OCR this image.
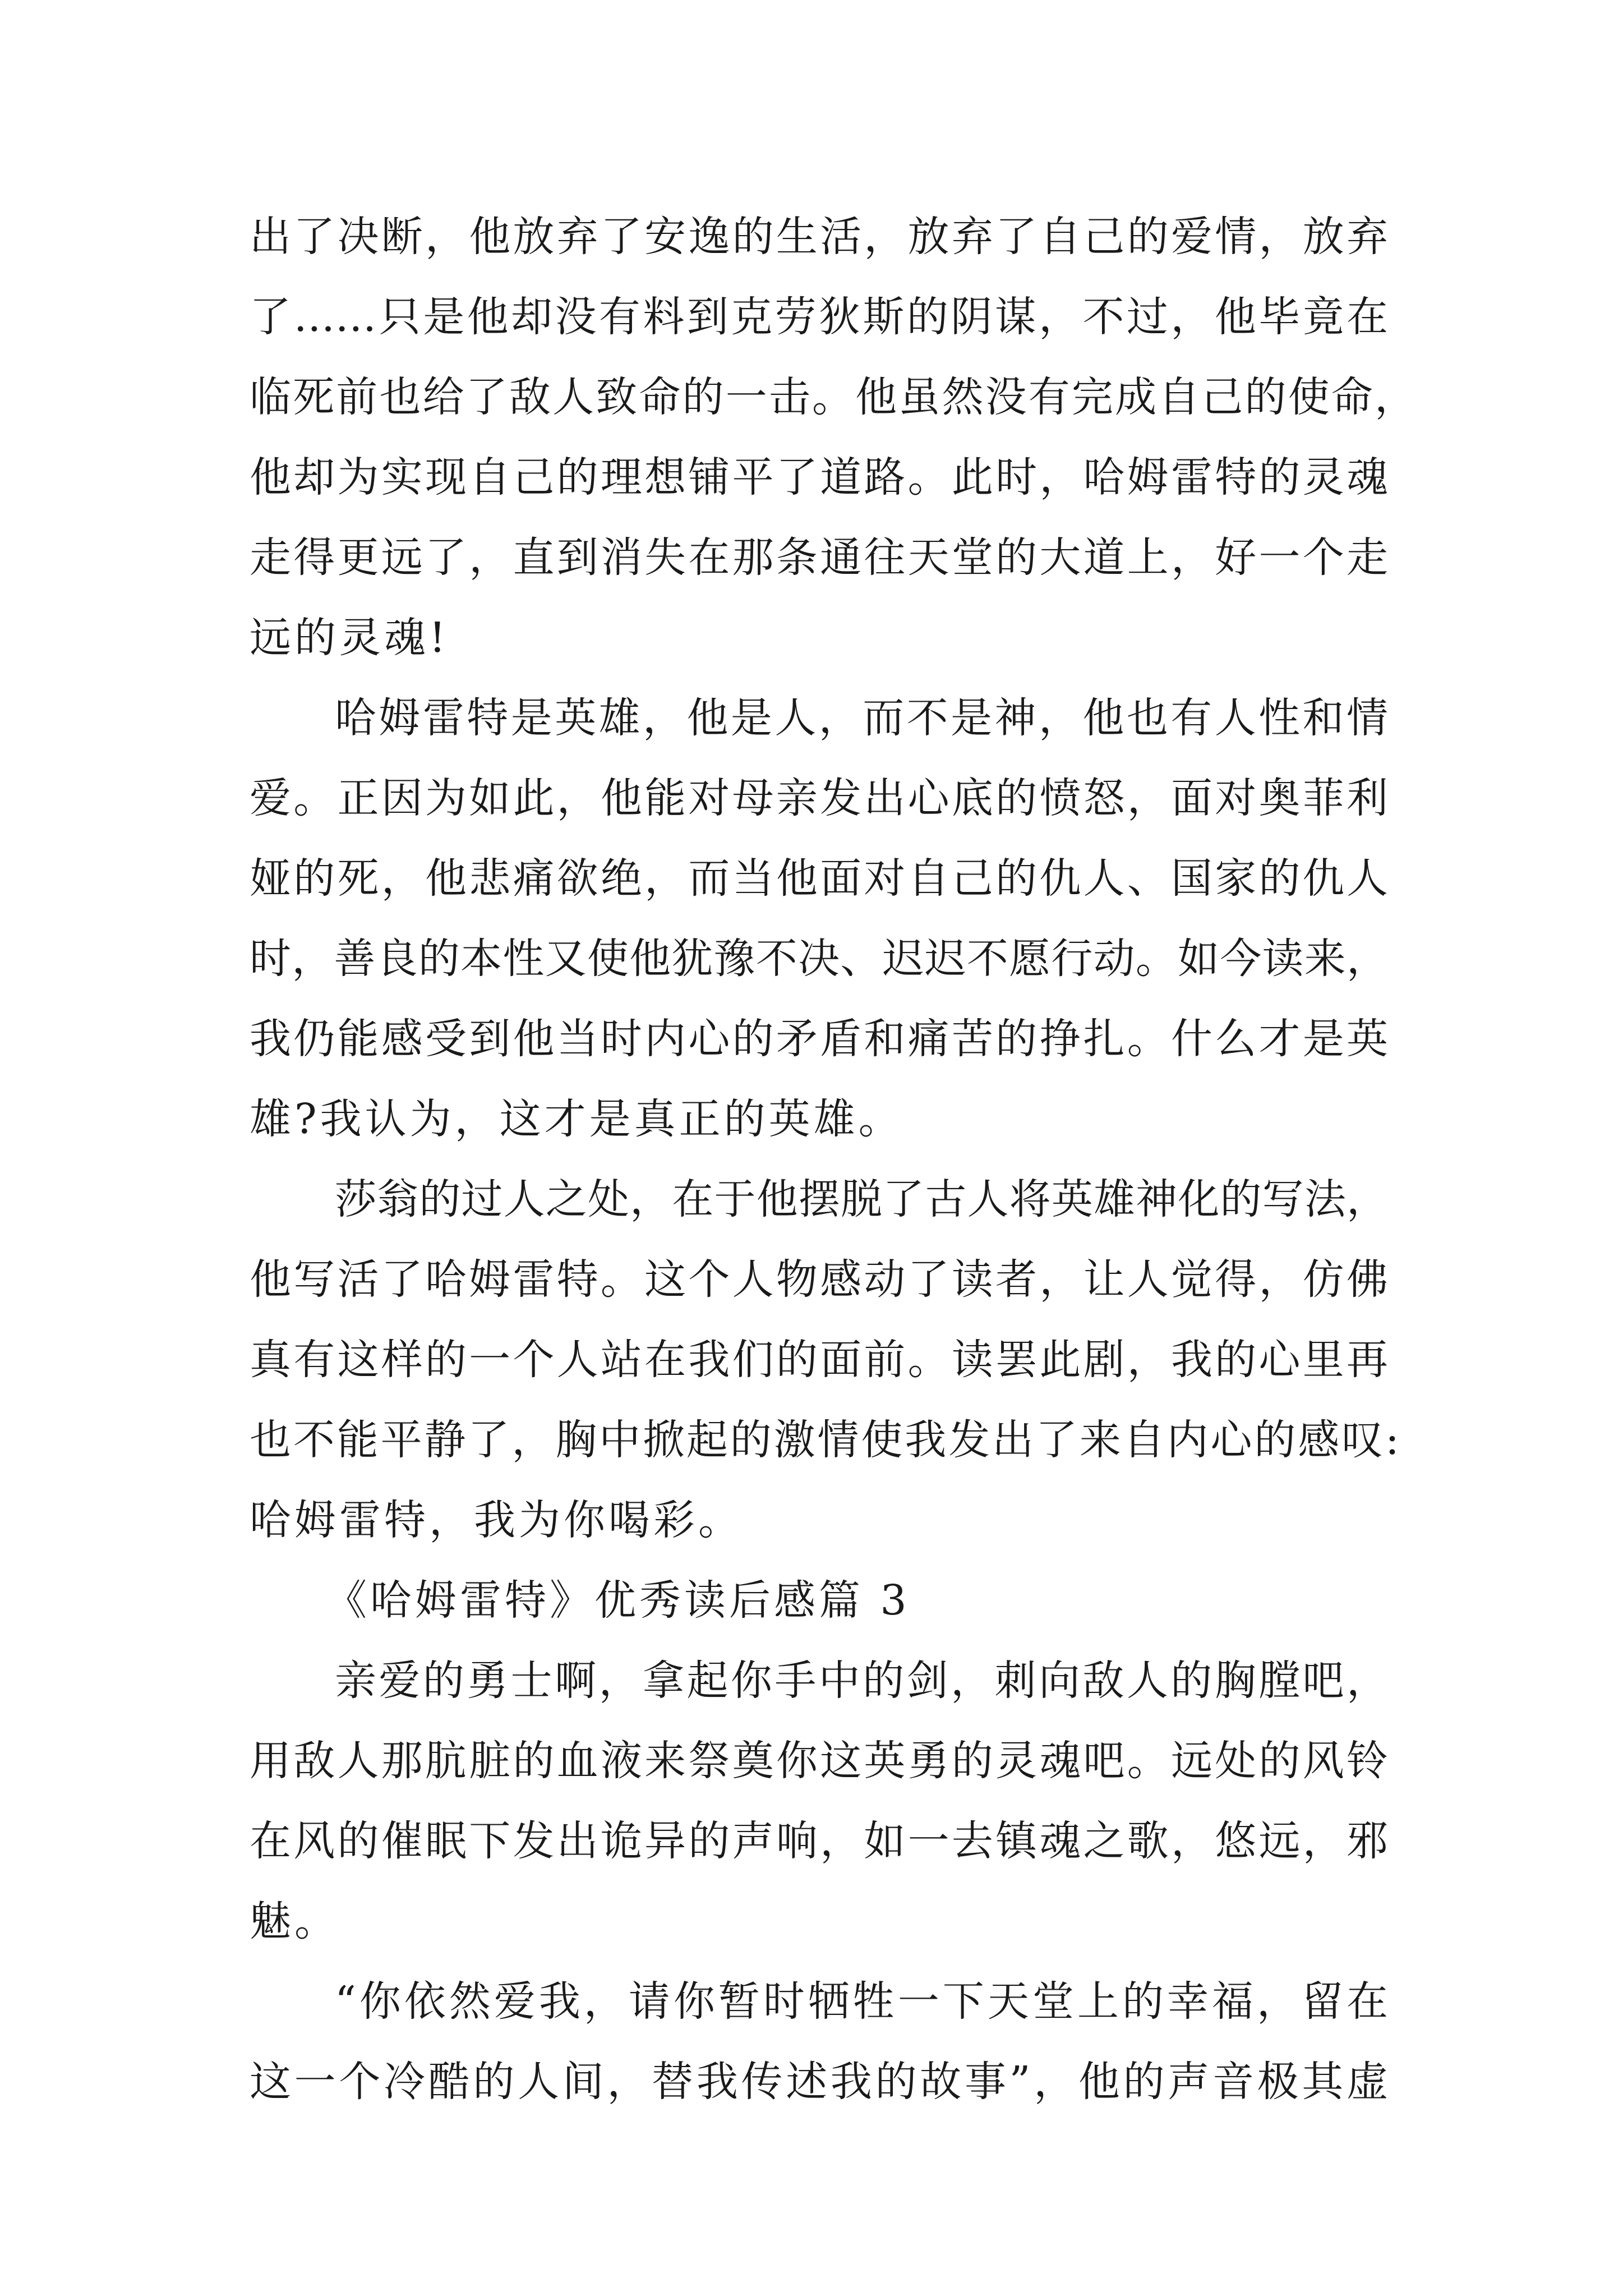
出了决断，他放弃了安逸的生活，放弃了自己的爱情，放弃
了……只是他却没有料到克劳狄斯的阴谋，不过，他毕竟在
临死前也给了敌人致命的一击。他虽然没有完成自己的使命，
他却为实现自己的理想铺平了道路。此时，哈姆雷特的灵魂
走得更远了，直到消失在那条通往天堂的大道上，好一个走
远的灵魂!
哈姆雷特是英雄，他是人，而不是神，他也有人性和情
爱。正因为如此，他能对母亲发出心底的愤怒，面对奥菲利
娅的死，他悲痛欲绝，而当他面对自己的仇人、国家的仇人
时，善良的本性又使他犹豫不决、迟迟不愿行动。如今读来，
我仍能感受到他当时内心的矛盾和痛苦的挣扎。什么才是英
雄?我认为，这才是真正的英雄。
莎翁的过人之处，在于他摆脱了古人将英雄神化的写法，
他写活了哈姆雷特。这个人物感动了读者，让人觉得，仿佛
真有这样的一个人站在我们的面前。读罢此剧，我的心里再
也不能平静了，胸中掀起的激情使我发出了来自内心的感叹:
哈姆雷特，我为你喝彩。
《哈姆雷特》优秀读后感篇 3
亲爱的勇士啊，拿起你手中的剑，刺向敌人的胸膛吧，
用敌人那肮脏的血液来祭奠你这英勇的灵魂吧。远处的风铃
在风的催眠下发出诡异的声响，如一去镇魂之歌，悠远，邪
魅。
“你依然爱我，请你暂时牺牲一下天堂上的幸福，留在
这一个冷酷的人间，替我传述我的故事”，他的声音极其虚
